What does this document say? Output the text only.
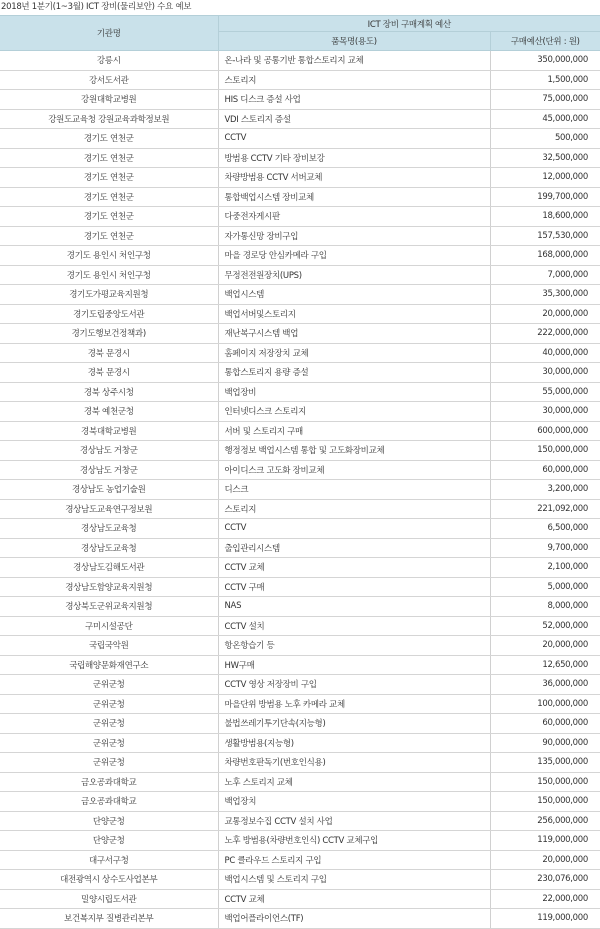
2018년 1분기(1~3월) ICT 장비(물리보안) 수요 예보
기관명	ICT 장비 구매계획 예산	
	품목명(용도)	구매예산(단위 : 원)
강릉시	온-나라 및 공통기반 통합스토리지 교체	350,000,000
강서도서관	스토리지	1,500,000
강원대학교병원	HIS 디스크 증설 사업	75,000,000
강원도교육청 강원교육과학정보원	VDI 스토리지 증설	45,000,000
경기도 연천군	CCTV	500,000
경기도 연천군	방범용 CCTV 기타 장비보강	32,500,000
경기도 연천군	차량방범용 CCTV 서버교체	12,000,000
경기도 연천군	통합백업시스템 장비교체	199,700,000
경기도 연천군	다중전자게시판	18,600,000
경기도 연천군	자가통신망 장비구입	157,530,000
경기도 용인시 처인구청	마을 경로당 안심카메라 구입	168,000,000
경기도 용인시 처인구청	무정전전원장치(UPS)	7,000,000
경기도가평교육지원청	백업시스템	35,300,000
경기도립중앙도서관	백업서버및스토리지	20,000,000
경기도행보건정책과)	재난복구시스템 백업	222,000,000
경북 문경시	홈페이지 저장장치 교체	40,000,000
경북 문경시	통합스토리지 용량 증설	30,000,000
경북 상주시청	백업장비	55,000,000
경북 예천군청	인터넷디스크 스토리지	30,000,000
경북대학교병원	서버 및 스토리지 구매	600,000,000
경상남도 거창군	행정정보 백업시스템 통합 및 고도화장비교체	150,000,000
경상남도 거창군	아이디스크 고도화 장비교체	60,000,000
경상남도 농업기술원	디스크	3,200,000
경상남도교육연구정보원	스토리지	221,092,000
경상남도교육청	CCTV	6,500,000
경상남도교육청	출입관리시스템	9,700,000
경상남도김해도서관	CCTV 교체	2,100,000
경상남도함양교육지원청	CCTV 구매	5,000,000
경상북도군위교육지원청	NAS	8,000,000
구미시설공단	CCTV 설치	52,000,000
국립국악원	항온항습기 등	20,000,000
국립해양문화재연구소	HW구매	12,650,000
군위군청	CCTV 영상 저장장비 구입	36,000,000
군위군청	마을단위 방범용 노후 카메라 교체	100,000,000
군위군청	불법쓰레기투기단속(지능형)	60,000,000
군위군청	생활방범용(지능형)	90,000,000
군위군청	차량번호판독기(번호인식용)	135,000,000
금오공과대학교	노후 스토리지 교체	150,000,000
금오공과대학교	백업장치	150,000,000
단양군청	교통정보수집 CCTV 설치 사업	256,000,000
단양군청	노후 방범용(차량번호인식) CCTV 교체구입	119,000,000
대구서구청	PC 클라우드 스토리지 구입	20,000,000
대전광역시 상수도사업본부	백업시스템 및 스토리지 구입	230,076,000
밀양시립도서관	CCTV 교체	22,000,000
보건복지부 질병관리본부	백업어플라이언스(TF)	119,000,000
